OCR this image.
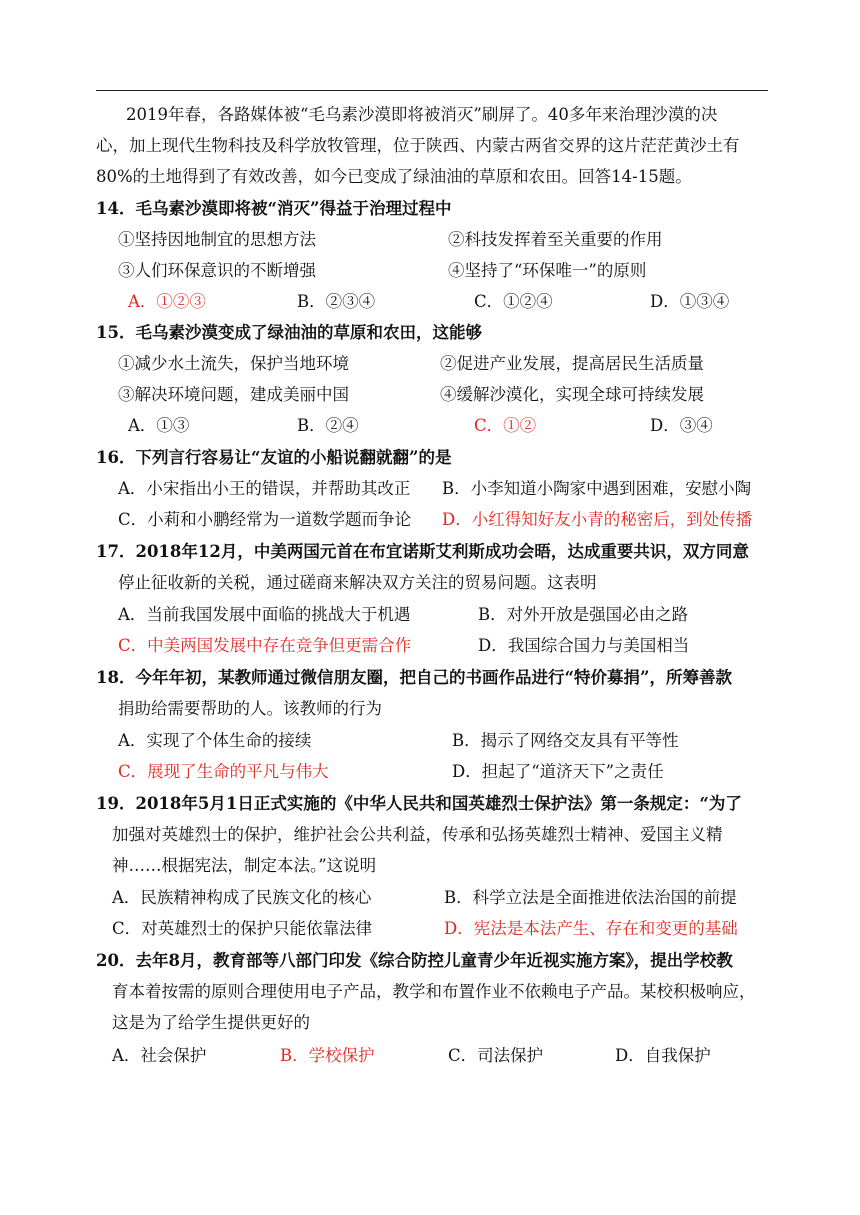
2019年春，各路媒体被“毛乌素沙漠即将被消灭”刷屏了。40多年来治理沙漠的决
心，加上现代生物科技及科学放牧管理，位于陕西、内蒙古两省交界的这片茫茫黄沙土有
80%的土地得到了有效改善，如今已变成了绿油油的草原和农田。回答14-15题。
14．毛乌素沙漠即将被“消灭”得益于治理过程中
①坚持因地制宜的思想方法	②科技发挥着至关重要的作用
③人们环保意识的不断增强	④坚持了“环保唯一”的原则
A．①②③	B．②③④	C．①②④	D．①③④
15．毛乌素沙漠变成了绿油油的草原和农田，这能够
①减少水土流失，保护当地环境	②促进产业发展，提高居民生活质量
③解决环境问题，建成美丽中国	④缓解沙漠化，实现全球可持续发展
A．①③	B．②④	C．①②	D．③④
16．下列言行容易让“友谊的小船说翻就翻”的是
A．小宋指出小王的错误，并帮助其改正 B．小李知道小陶家中遇到困难，安慰小陶
C．小莉和小鹏经常为一道数学题而争论 D．小红得知好友小青的秘密后，到处传播
17．2018年12月，中美两国元首在布宜诺斯艾利斯成功会晤，达成重要共识，双方同意
停止征收新的关税，通过磋商来解决双方关注的贸易问题。这表明
A．当前我国发展中面临的挑战大于机遇	B．对外开放是强国必由之路
C．中美两国发展中存在竞争但更需合作	D．我国综合国力与美国相当
18．今年年初，某教师通过微信朋友圈，把自己的书画作品进行“特价募捐”，所筹善款
捐助给需要帮助的人。该教师的行为
A．实现了个体生命的接续	B．揭示了网络交友具有平等性
C．展现了生命的平凡与伟大	D．担起了“道济天下”之责任
19．2018年5月1日正式实施的《中华人民共和国英雄烈士保护法》第一条规定：“为了
加强对英雄烈士的保护，维护社会公共利益，传承和弘扬英雄烈士精神、爱国主义精
神……根据宪法，制定本法。”这说明
A．民族精神构成了民族文化的核心	B．科学立法是全面推进依法治国的前提
C．对英雄烈士的保护只能依靠法律	D．宪法是本法产生、存在和变更的基础
20．去年8月，教育部等八部门印发《综合防控儿童青少年近视实施方案》，提出学校教
育本着按需的原则合理使用电子产品，教学和布置作业不依赖电子产品。某校积极响应，
这是为了给学生提供更好的
A．社会保护	B．学校保护	C．司法保护	D．自我保护
